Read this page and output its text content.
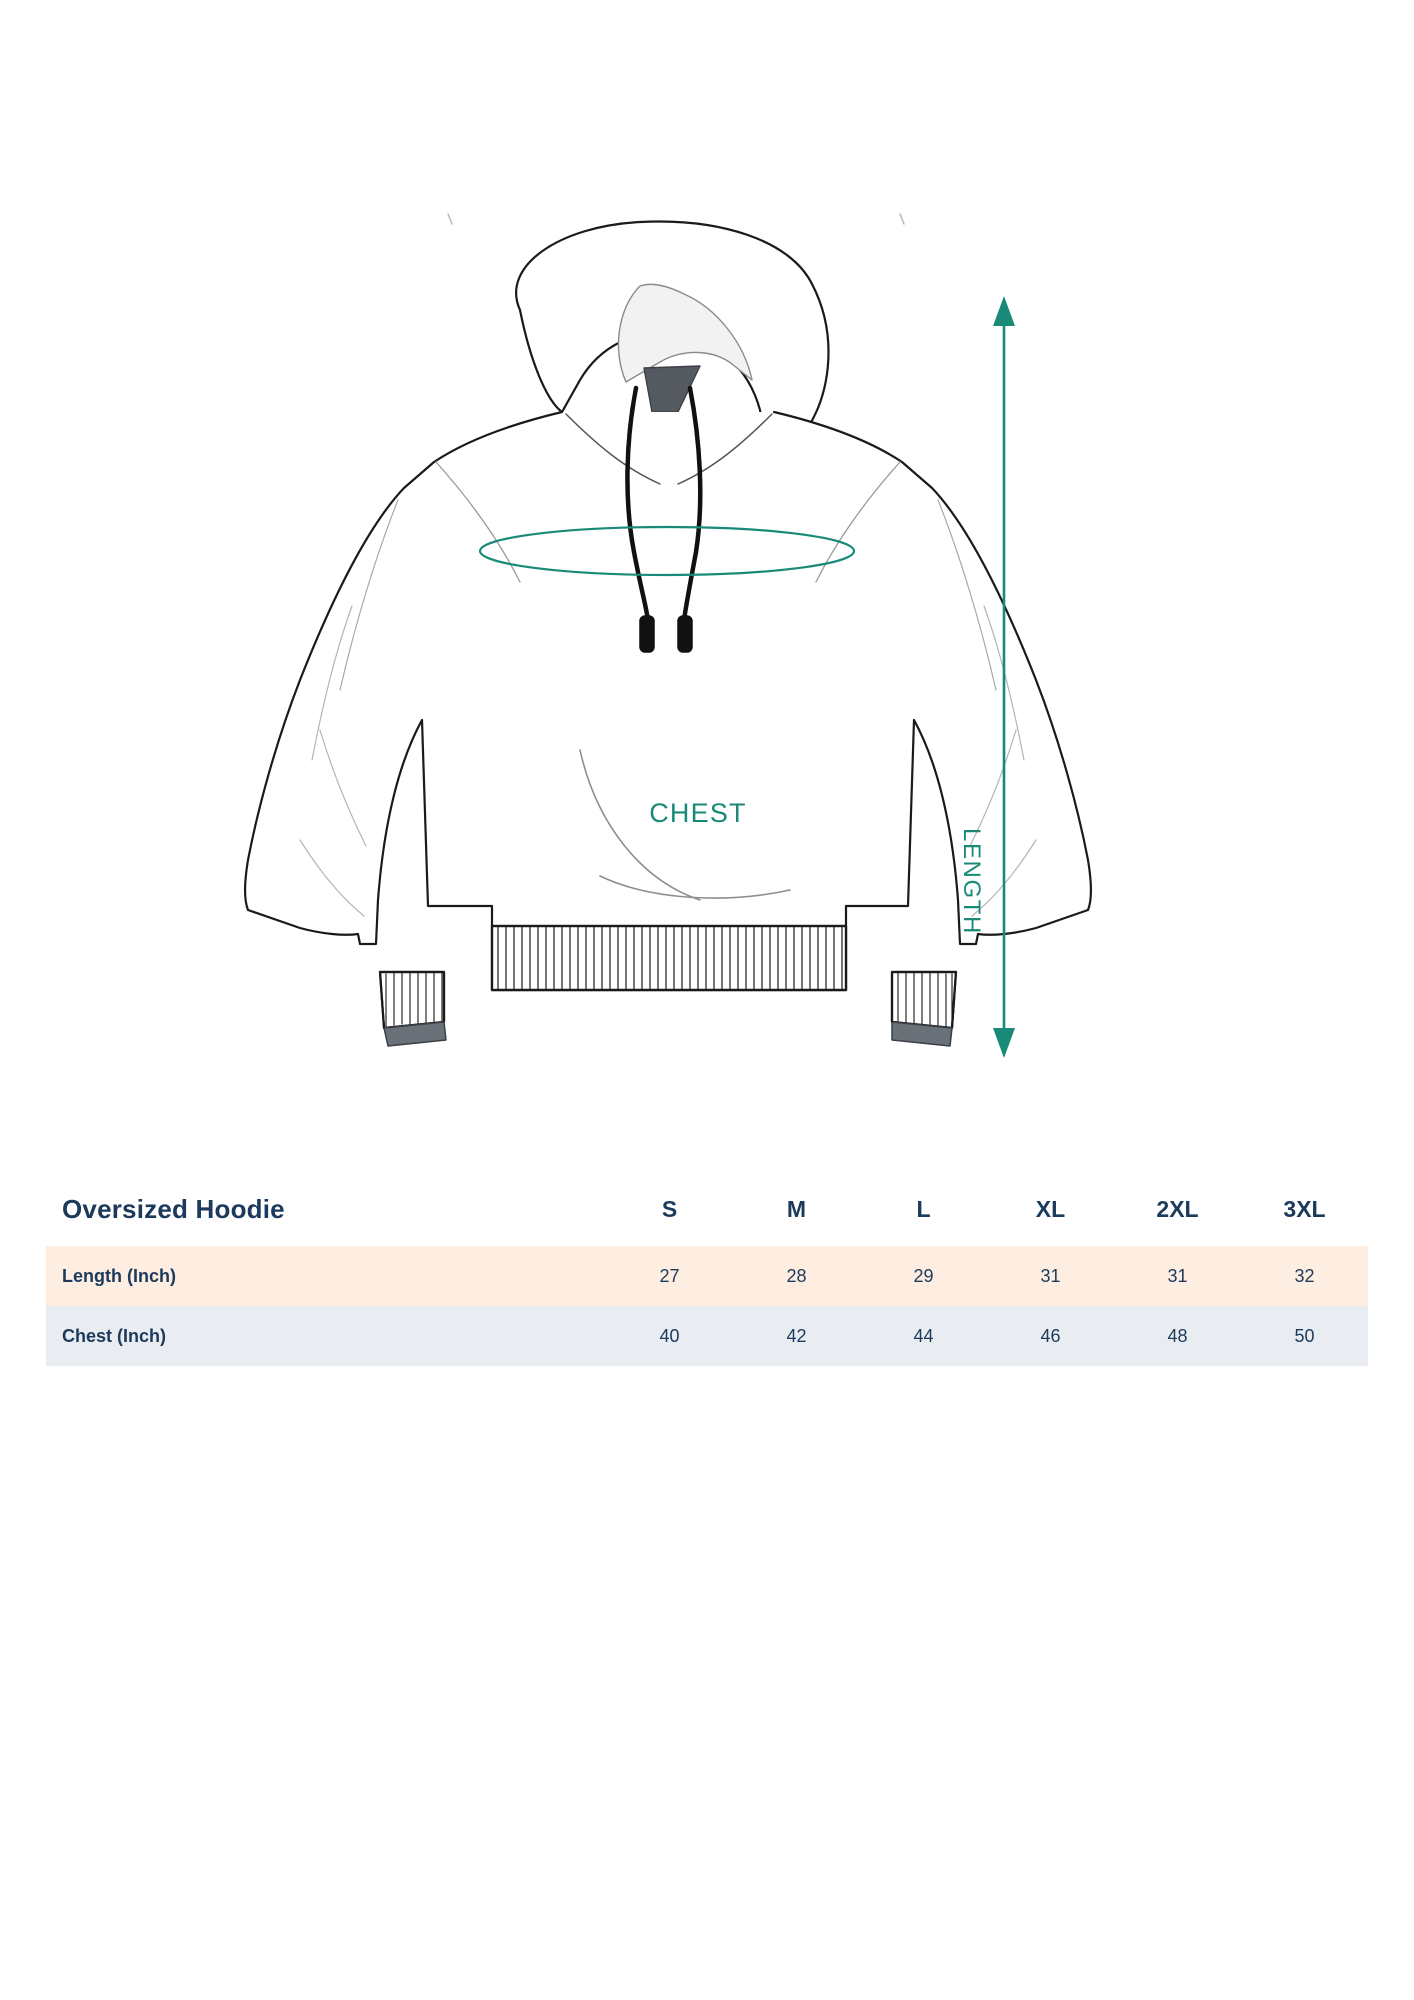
CHEST
LENGTH
Oversized Hoodie	S	M	L	XL	2XL	3XL
Length (Inch)	27	28	29	31	31	32
Chest (Inch)	40	42	44	46	48	50
